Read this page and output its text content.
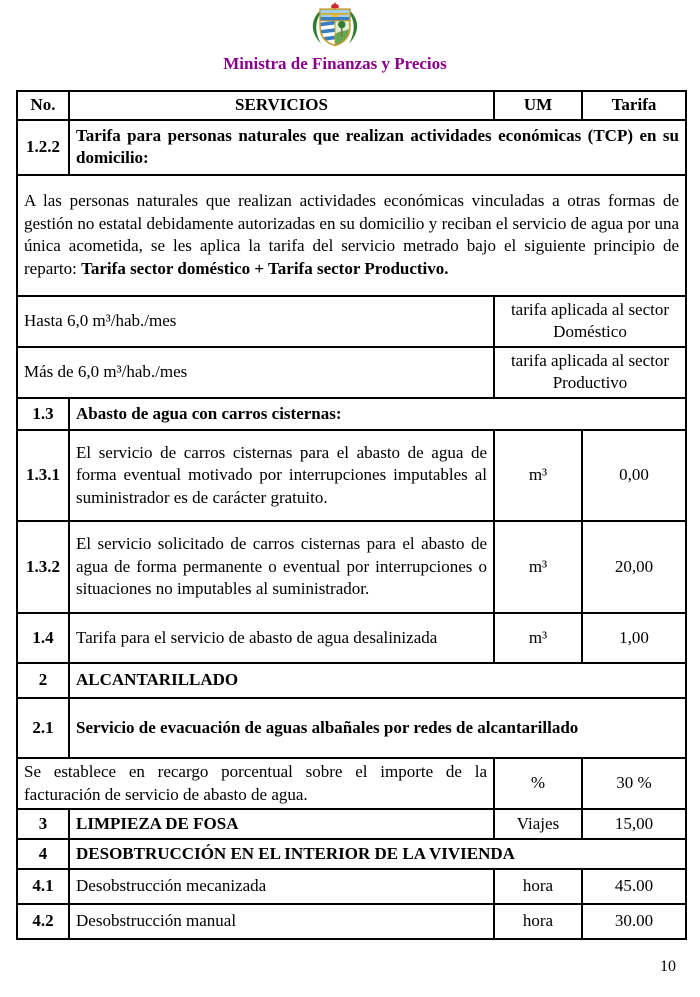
Ministra de Finanzas y Precios
No.	SERVICIOS	UM	Tarifa
1.2.2	Tarifa para personas naturales que realizan actividades económicas (TCP) en su domicilio:		
A las personas naturales que realizan actividades económicas vinculadas a otras formas de gestión no estatal debidamente autorizadas en su domicilio y reciban el servicio de agua por una única acometida, se les aplica la tarifa del servicio metrado bajo el siguiente principio de reparto: Tarifa sector doméstico + Tarifa sector Productivo.			
Hasta 6,0 m³/hab./mes		tarifa aplicada al sector Doméstico	
Más de 6,0 m³/hab./mes		tarifa aplicada al sector Productivo	
1.3	Abasto de agua con carros cisternas:		
1.3.1	El servicio de carros cisternas para el abasto de agua de forma eventual motivado por interrupciones imputables al suministrador es de carácter gratuito.	m³	0,00
1.3.2	El servicio solicitado de carros cisternas para el abasto de agua de forma permanente o eventual por interrupciones o situaciones no imputables al suministrador.	m³	20,00
1.4	Tarifa para el servicio de abasto de agua desalinizada	m³	1,00
2	ALCANTARILLADO		
2.1	Servicio de evacuación de aguas albañales por redes de alcantarillado		
Se establece en recargo porcentual sobre el importe de la facturación de servicio de abasto de agua.		%	30 %
3	LIMPIEZA DE FOSA	Viajes	15,00
4	DESOBTRUCCIÓN EN EL INTERIOR DE LA VIVIENDA		
4.1	Desobstrucción mecanizada	hora	45.00
4.2	Desobstrucción manual	hora	30.00
10
